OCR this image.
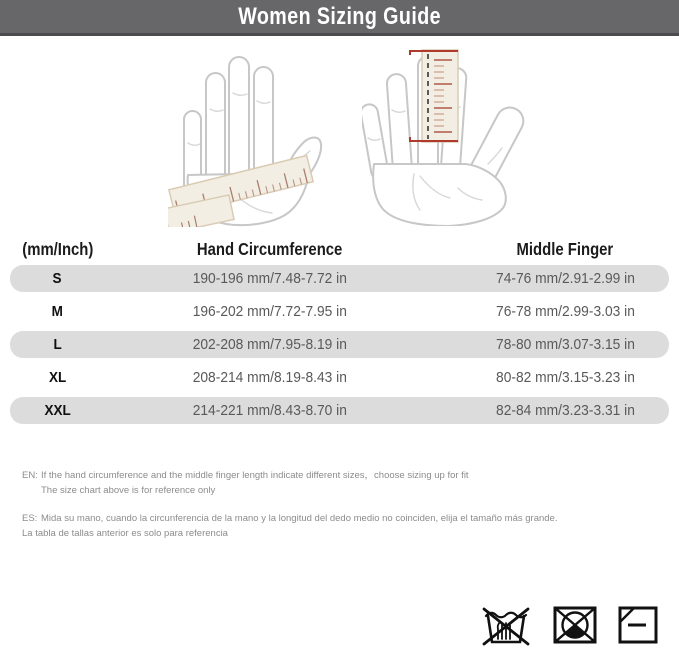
Women Sizing Guide
(mm/Inch)	Hand Circumference	Middle Finger
S	190-196 mm/7.48-7.72 in	74-76 mm/2.91-2.99 in
M	196-202 mm/7.72-7.95 in	76-78 mm/2.99-3.03 in
L	202-208 mm/7.95-8.19 in	78-80 mm/3.07-3.15 in
XL	208-214 mm/8.19-8.43 in	80-82 mm/3.15-3.23 in
XXL	214-221 mm/8.43-8.70 in	82-84 mm/3.23-3.31 in
EN: If the hand circumference and the middle finger length indicate different sizes，choose sizing up for fit
The size chart above is for reference only
ES: Mida su mano, cuando la circunferencia de la mano y la longitud del dedo medio no coinciden, elija el tamaño más grande.
La tabla de tallas anterior es solo para referencia
